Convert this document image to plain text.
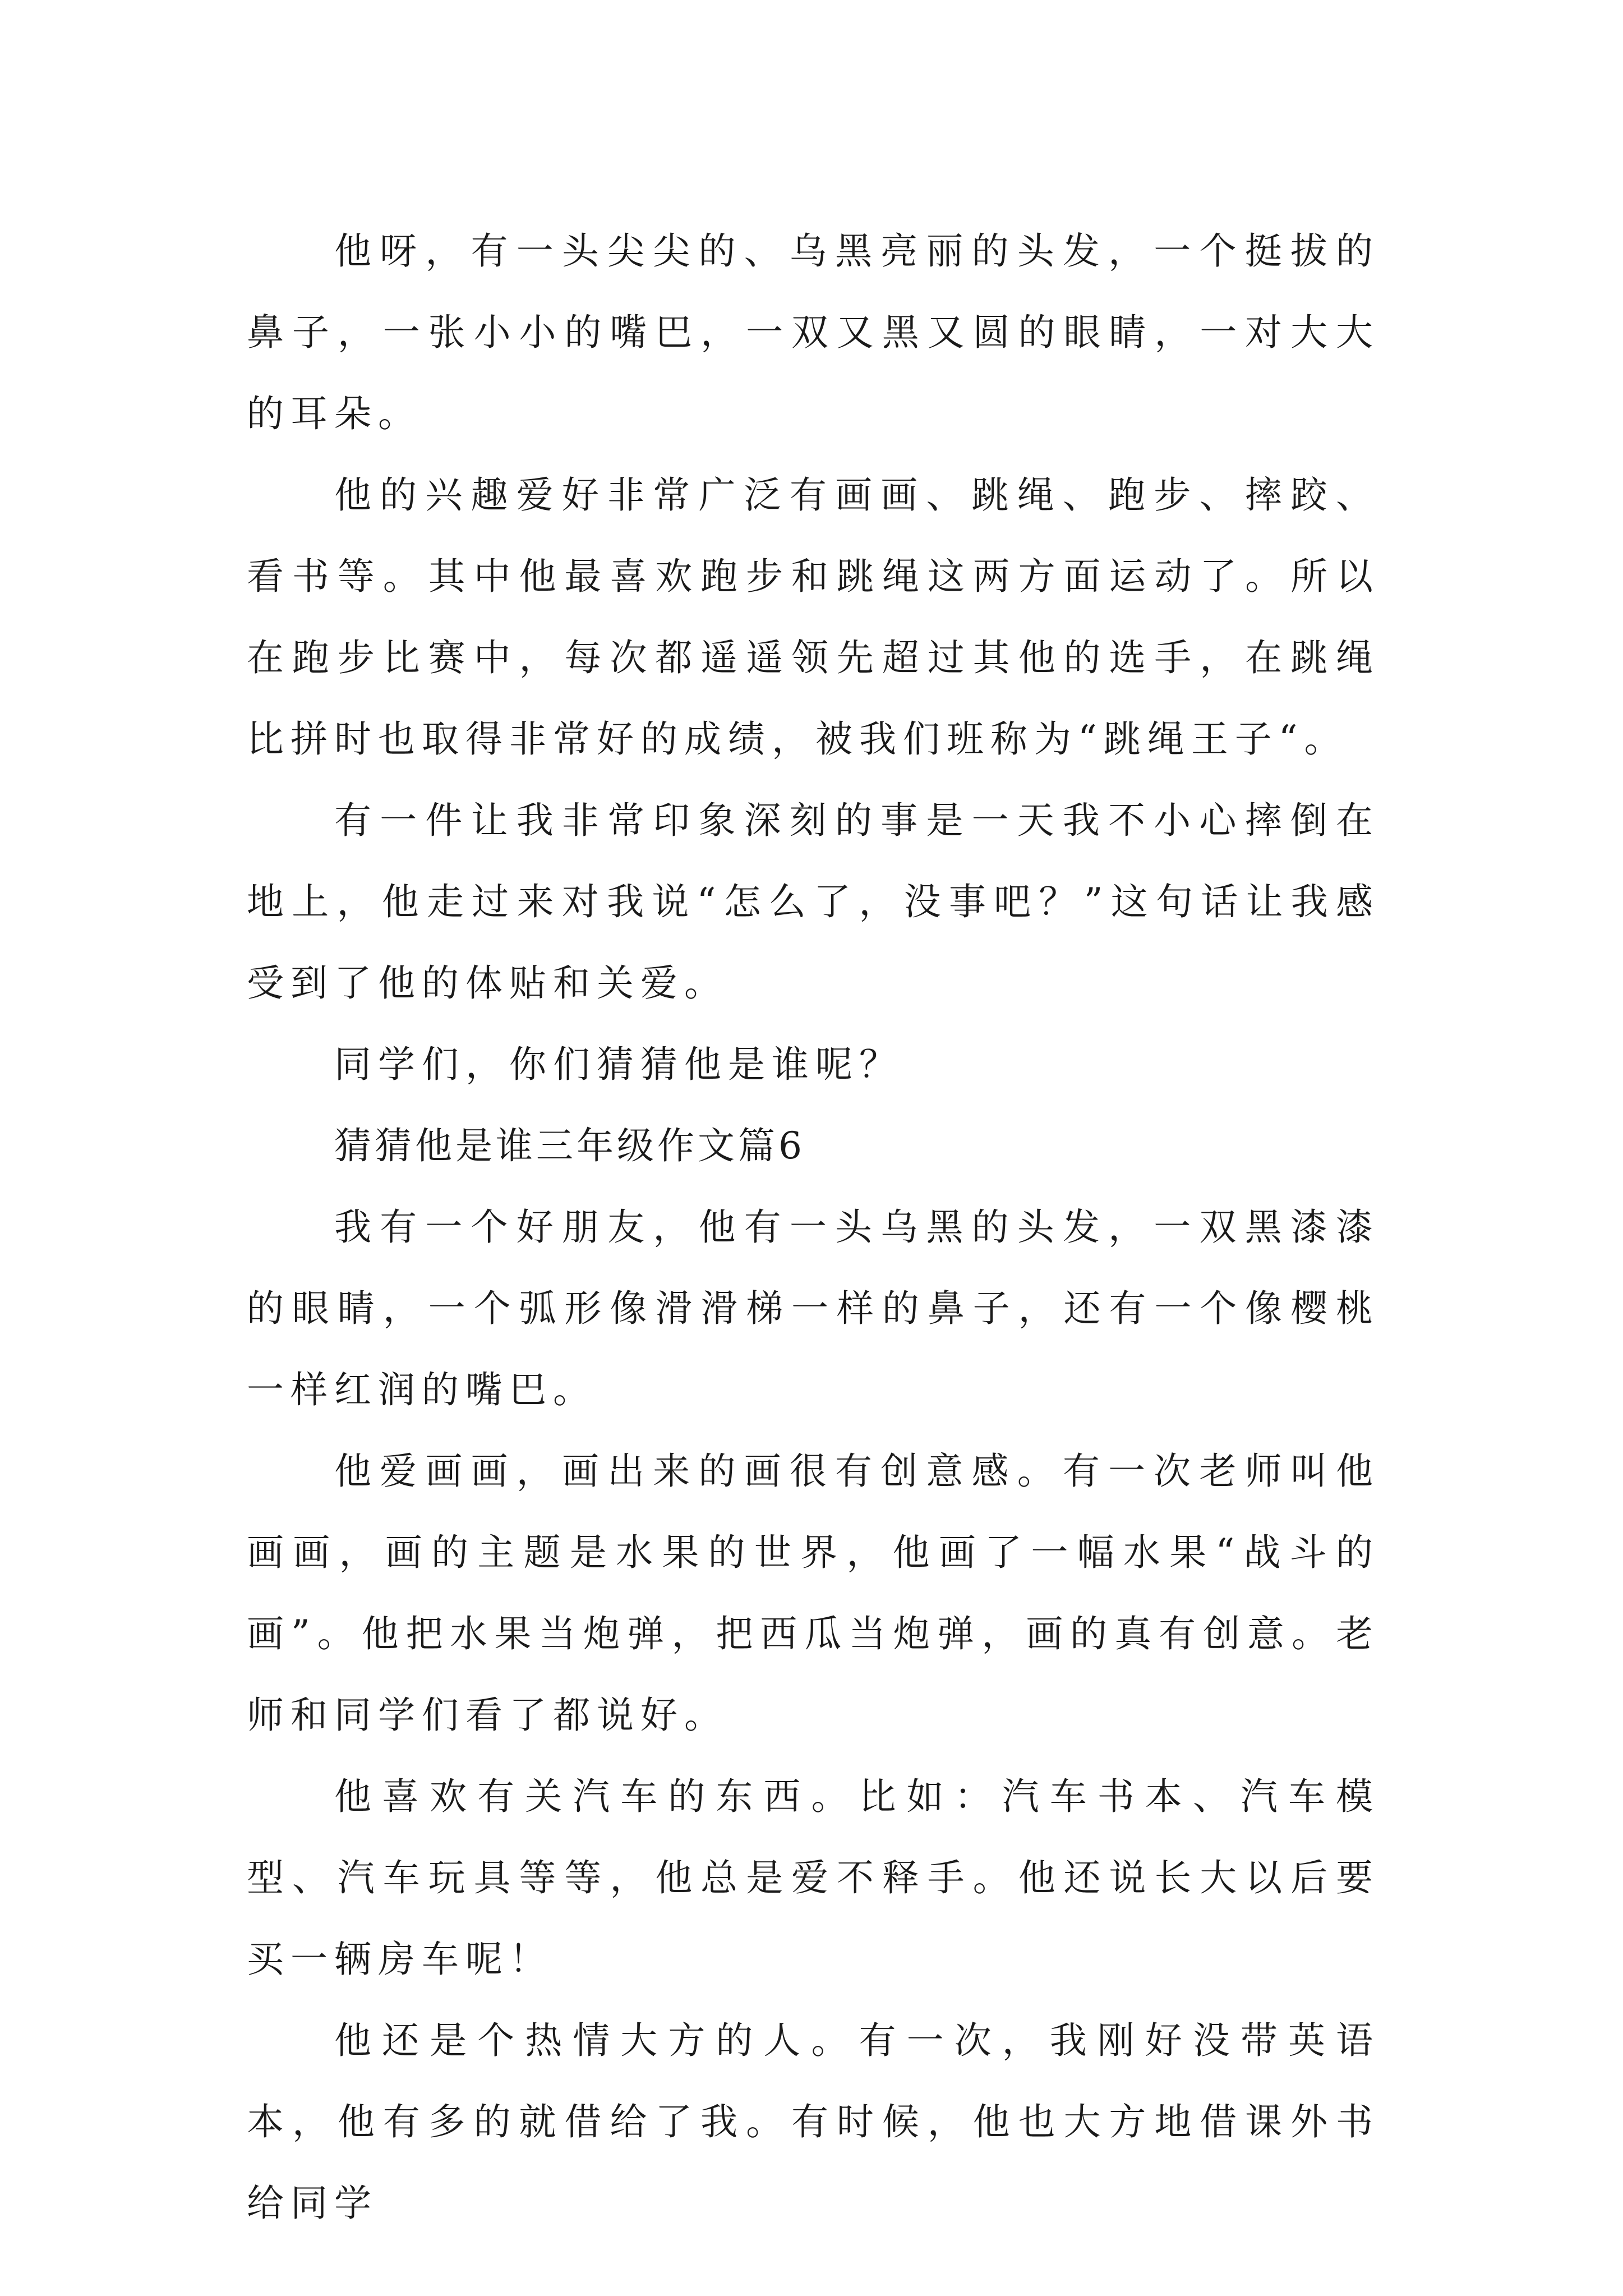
他呀，有一头尖尖的、乌黑亮丽的头发，一个挺拔的鼻子，一张小小的嘴巴，一双又黑又圆的眼睛，一对大大的耳朵。

他的兴趣爱好非常广泛有画画、跳绳、跑步、摔跤、看书等。其中他最喜欢跑步和跳绳这两方面运动了。所以在跑步比赛中，每次都遥遥领先超过其他的选手，在跳绳比拼时也取得非常好的成绩，被我们班称为“跳绳王子“。

有一件让我非常印象深刻的事是一天我不小心摔倒在地上，他走过来对我说“怎么了，没事吧？”这句话让我感受到了他的体贴和关爱。

同学们，你们猜猜他是谁呢？

猜猜他是谁三年级作文篇6

我有一个好朋友，他有一头乌黑的头发，一双黑漆漆的眼睛，一个弧形像滑滑梯一样的鼻子，还有一个像樱桃一样红润的嘴巴。

他爱画画，画出来的画很有创意感。有一次老师叫他画画，画的主题是水果的世界，他画了一幅水果“战斗的画”。他把水果当炮弹，把西瓜当炮弹，画的真有创意。老师和同学们看了都说好。

他喜欢有关汽车的东西。比如：汽车书本、汽车模型、汽车玩具等等，他总是爱不释手。他还说长大以后要买一辆房车呢！

他还是个热情大方的人。有一次，我刚好没带英语本，他有多的就借给了我。有时候，他也大方地借课外书给同学
